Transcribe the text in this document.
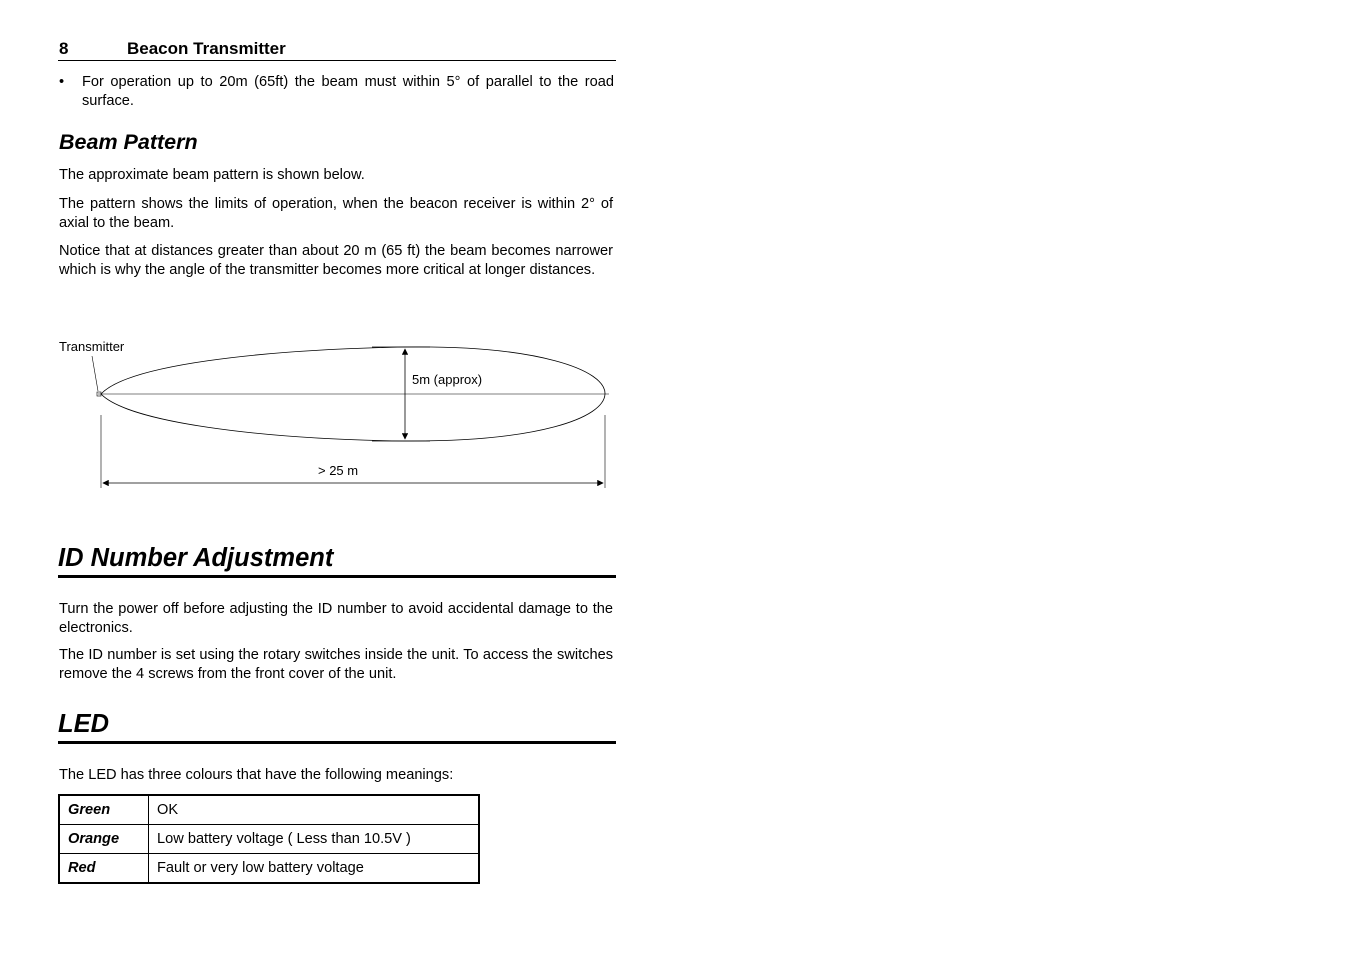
8	Beacon Transmitter
• For operation up to 20m (65ft) the beam must within 5° of parallel to the road surface.
Beam Pattern
The approximate beam pattern is shown below.
The pattern shows the limits of operation, when the beacon receiver is within 2° of axial to the beam.
Notice that at distances greater than about 20 m (65 ft) the beam becomes narrower which is why the angle of the transmitter becomes more critical at longer distances.
Transmitter
5m (approx)
> 25 m
ID Number Adjustment
Turn the power off before adjusting the ID number to avoid accidental damage to the electronics.
The ID number is set using the rotary switches inside the unit. To access the switches remove the 4 screws from the front cover of the unit.
LED
The LED has three colours that have the following meanings:
Green	OK
Orange	Low battery voltage ( Less than 10.5V )
Red	Fault or very low battery voltage
